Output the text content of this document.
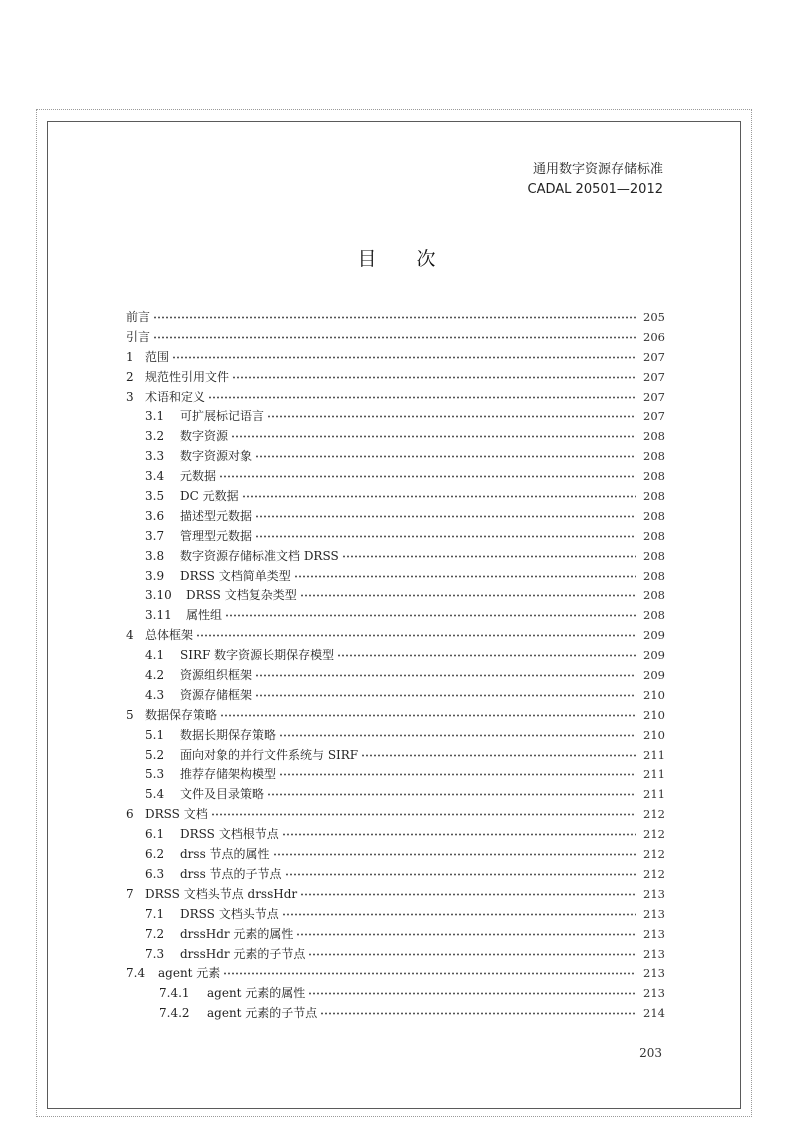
通用数字资源存储标准
CADAL 20501—2012
目次
前言	205
引言	206
1 范围	207
2 规范性引用文件	207
3 术语和定义	207
3.1	可扩展标记语言	207
3.2	数字资源	208
3.3	数字资源对象	208
3.4	元数据	208
3.5	DC 元数据	208
3.6	描述型元数据	208
3.7	管理型元数据	208
3.8	数字资源存储标准文档 DRSS	208
3.9	DRSS 文档简单类型	208
3.10	DRSS 文档复杂类型	208
3.11	属性组	208
4 总体框架	209
4.1	SIRF 数字资源长期保存模型	209
4.2	资源组织框架	209
4.3	资源存储框架	210
5 数据保存策略	210
5.1	数据长期保存策略	210
5.2	面向对象的并行文件系统与 SIRF	211
5.3	推荐存储架构模型	211
5.4	文件及目录策略	211
6 DRSS 文档	212
6.1	DRSS 文档根节点	212
6.2	drss 节点的属性	212
6.3	drss 节点的子节点	212
7 DRSS 文档头节点 drssHdr	213
7.1	DRSS 文档头节点	213
7.2	drssHdr 元素的属性	213
7.3	drssHdr 元素的子节点	213
7.4	agent 元素	213
7.4.1	agent 元素的属性	213
7.4.2	agent 元素的子节点	214
203
